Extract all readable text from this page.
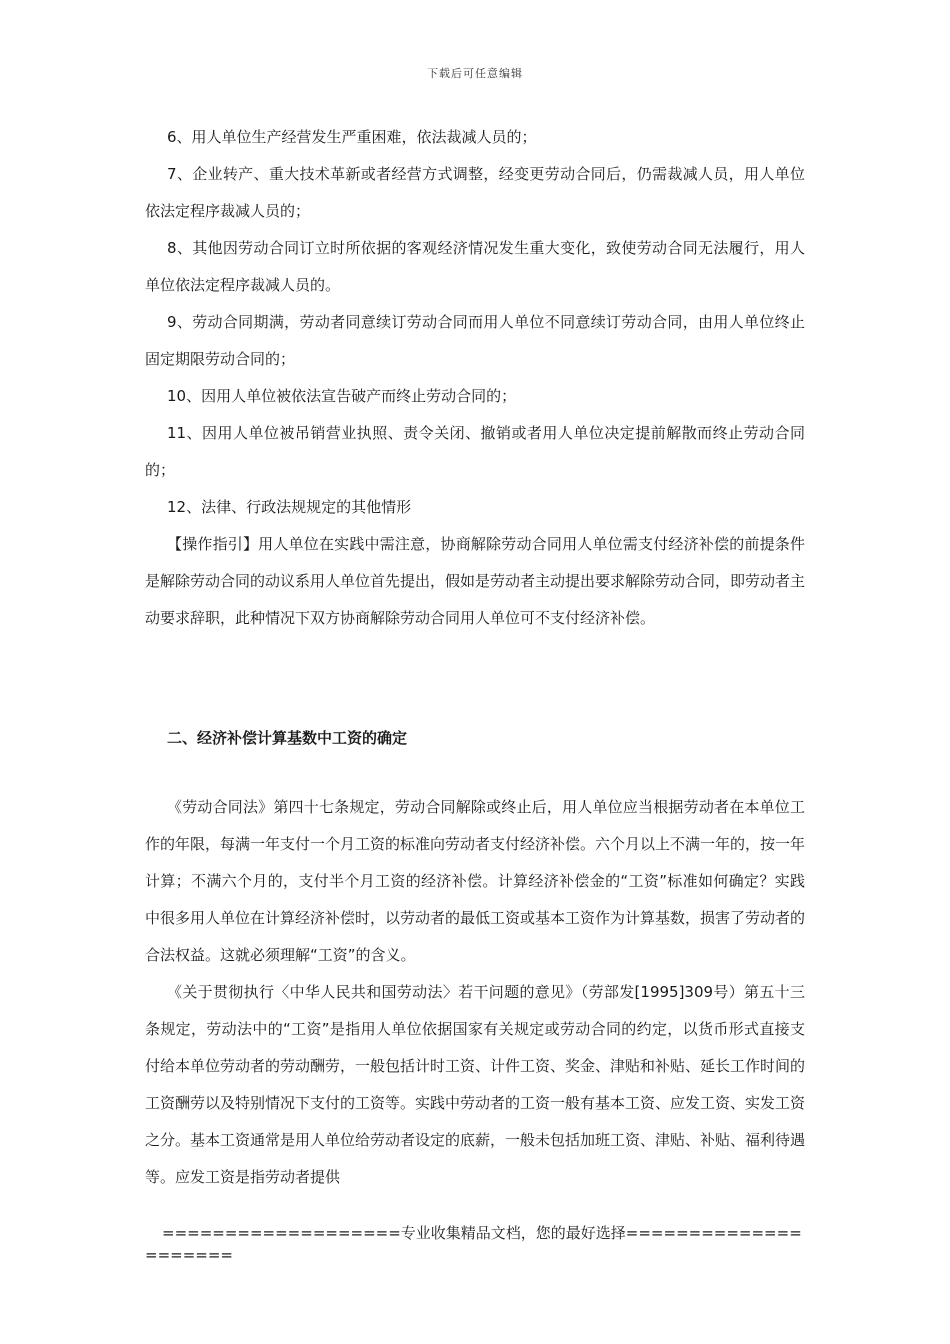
下载后可任意编辑

6、用人单位生产经营发生严重困难，依法裁减人员的；

7、企业转产、重大技术革新或者经营方式调整，经变更劳动合同后，仍需裁减人员，用人单位依法定程序裁减人员的；

8、其他因劳动合同订立时所依据的客观经济情况发生重大变化，致使劳动合同无法履行，用人单位依法定程序裁减人员的。

9、劳动合同期满，劳动者同意续订劳动合同而用人单位不同意续订劳动合同，由用人单位终止固定期限劳动合同的；

10、因用人单位被依法宣告破产而终止劳动合同的；

11、因用人单位被吊销营业执照、责令关闭、撤销或者用人单位决定提前解散而终止劳动合同的；

12、法律、行政法规规定的其他情形

【操作指引】用人单位在实践中需注意，协商解除劳动合同用人单位需支付经济补偿的前提条件是解除劳动合同的动议系用人单位首先提出，假如是劳动者主动提出要求解除劳动合同，即劳动者主动要求辞职，此种情况下双方协商解除劳动合同用人单位可不支付经济补偿。

二、经济补偿计算基数中工资的确定

《劳动合同法》第四十七条规定，劳动合同解除或终止后，用人单位应当根据劳动者在本单位工作的年限，每满一年支付一个月工资的标准向劳动者支付经济补偿。六个月以上不满一年的，按一年计算；不满六个月的，支付半个月工资的经济补偿。计算经济补偿金的“工资”标准如何确定？实践中很多用人单位在计算经济补偿时，以劳动者的最低工资或基本工资作为计算基数，损害了劳动者的合法权益。这就必须理解“工资”的含义。

《关于贯彻执行〈中华人民共和国劳动法〉若干问题的意见》（劳部发[1995]309号）第五十三条规定，劳动法中的“工资”是指用人单位依据国家有关规定或劳动合同的约定，以货币形式直接支付给本单位劳动者的劳动酬劳，一般包括计时工资、计件工资、奖金、津贴和补贴、延长工作时间的工资酬劳以及特别情况下支付的工资等。实践中劳动者的工资一般有基本工资、应发工资、实发工资之分。基本工资通常是用人单位给劳动者设定的底薪，一般未包括加班工资、津贴、补贴、福利待遇等。应发工资是指劳动者提供

===================专业收集精品文档，您的最好选择=====================
